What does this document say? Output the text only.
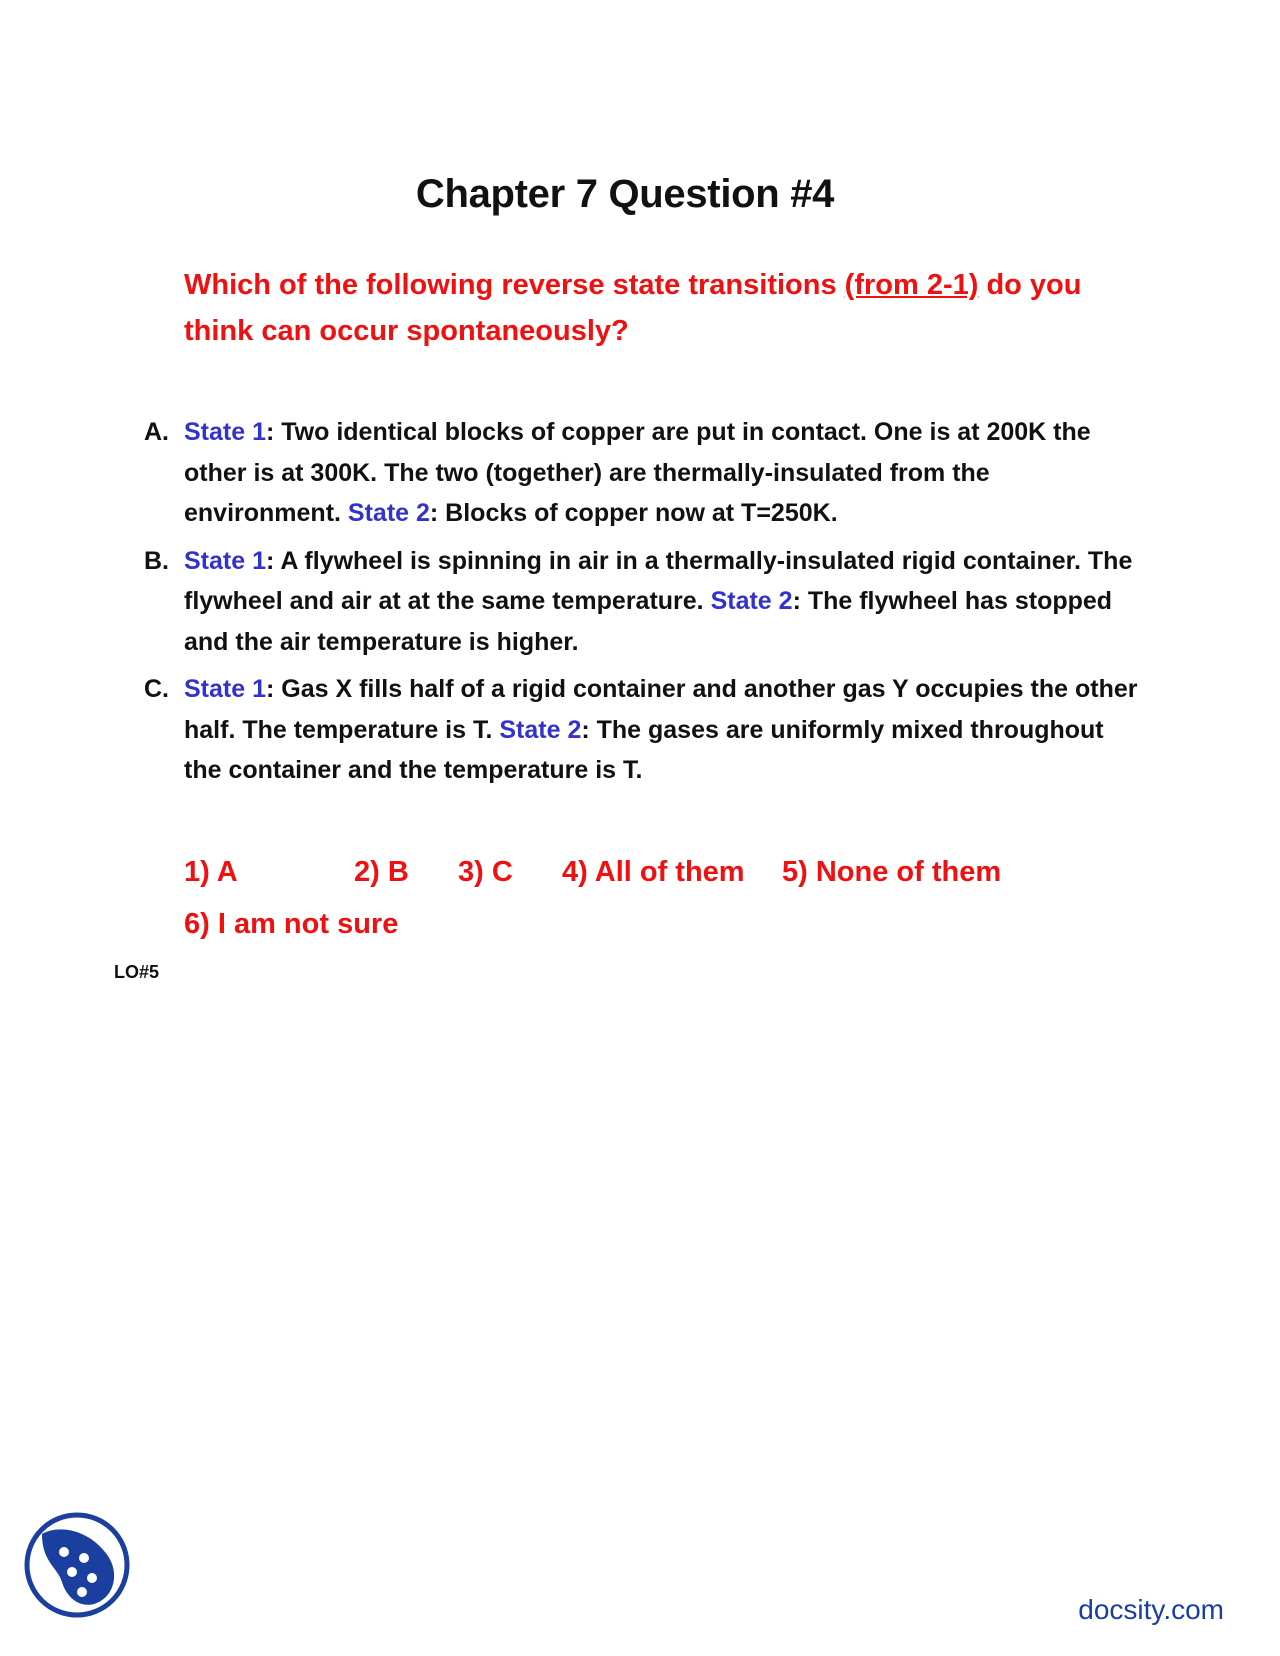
Chapter 7 Question #4

Which of the following reverse state transitions (from 2-1) do you think can occur spontaneously?

A. State 1: Two identical blocks of copper are put in contact. One is at 200K the other is at 300K. The two (together) are thermally-insulated from the environment. State 2: Blocks of copper now at T=250K.
B. State 1: A flywheel is spinning in air in a thermally-insulated rigid container. The flywheel and air at at the same temperature. State 2: The flywheel has stopped and the air temperature is higher.
C. State 1: Gas X fills half of a rigid container and another gas Y occupies the other half. The temperature is T. State 2: The gases are uniformly mixed throughout the container and the temperature is T.
1) A	2) B 3) C 4) All of them 5) None of them
6) I am not sure
LO#5
docsity.com
